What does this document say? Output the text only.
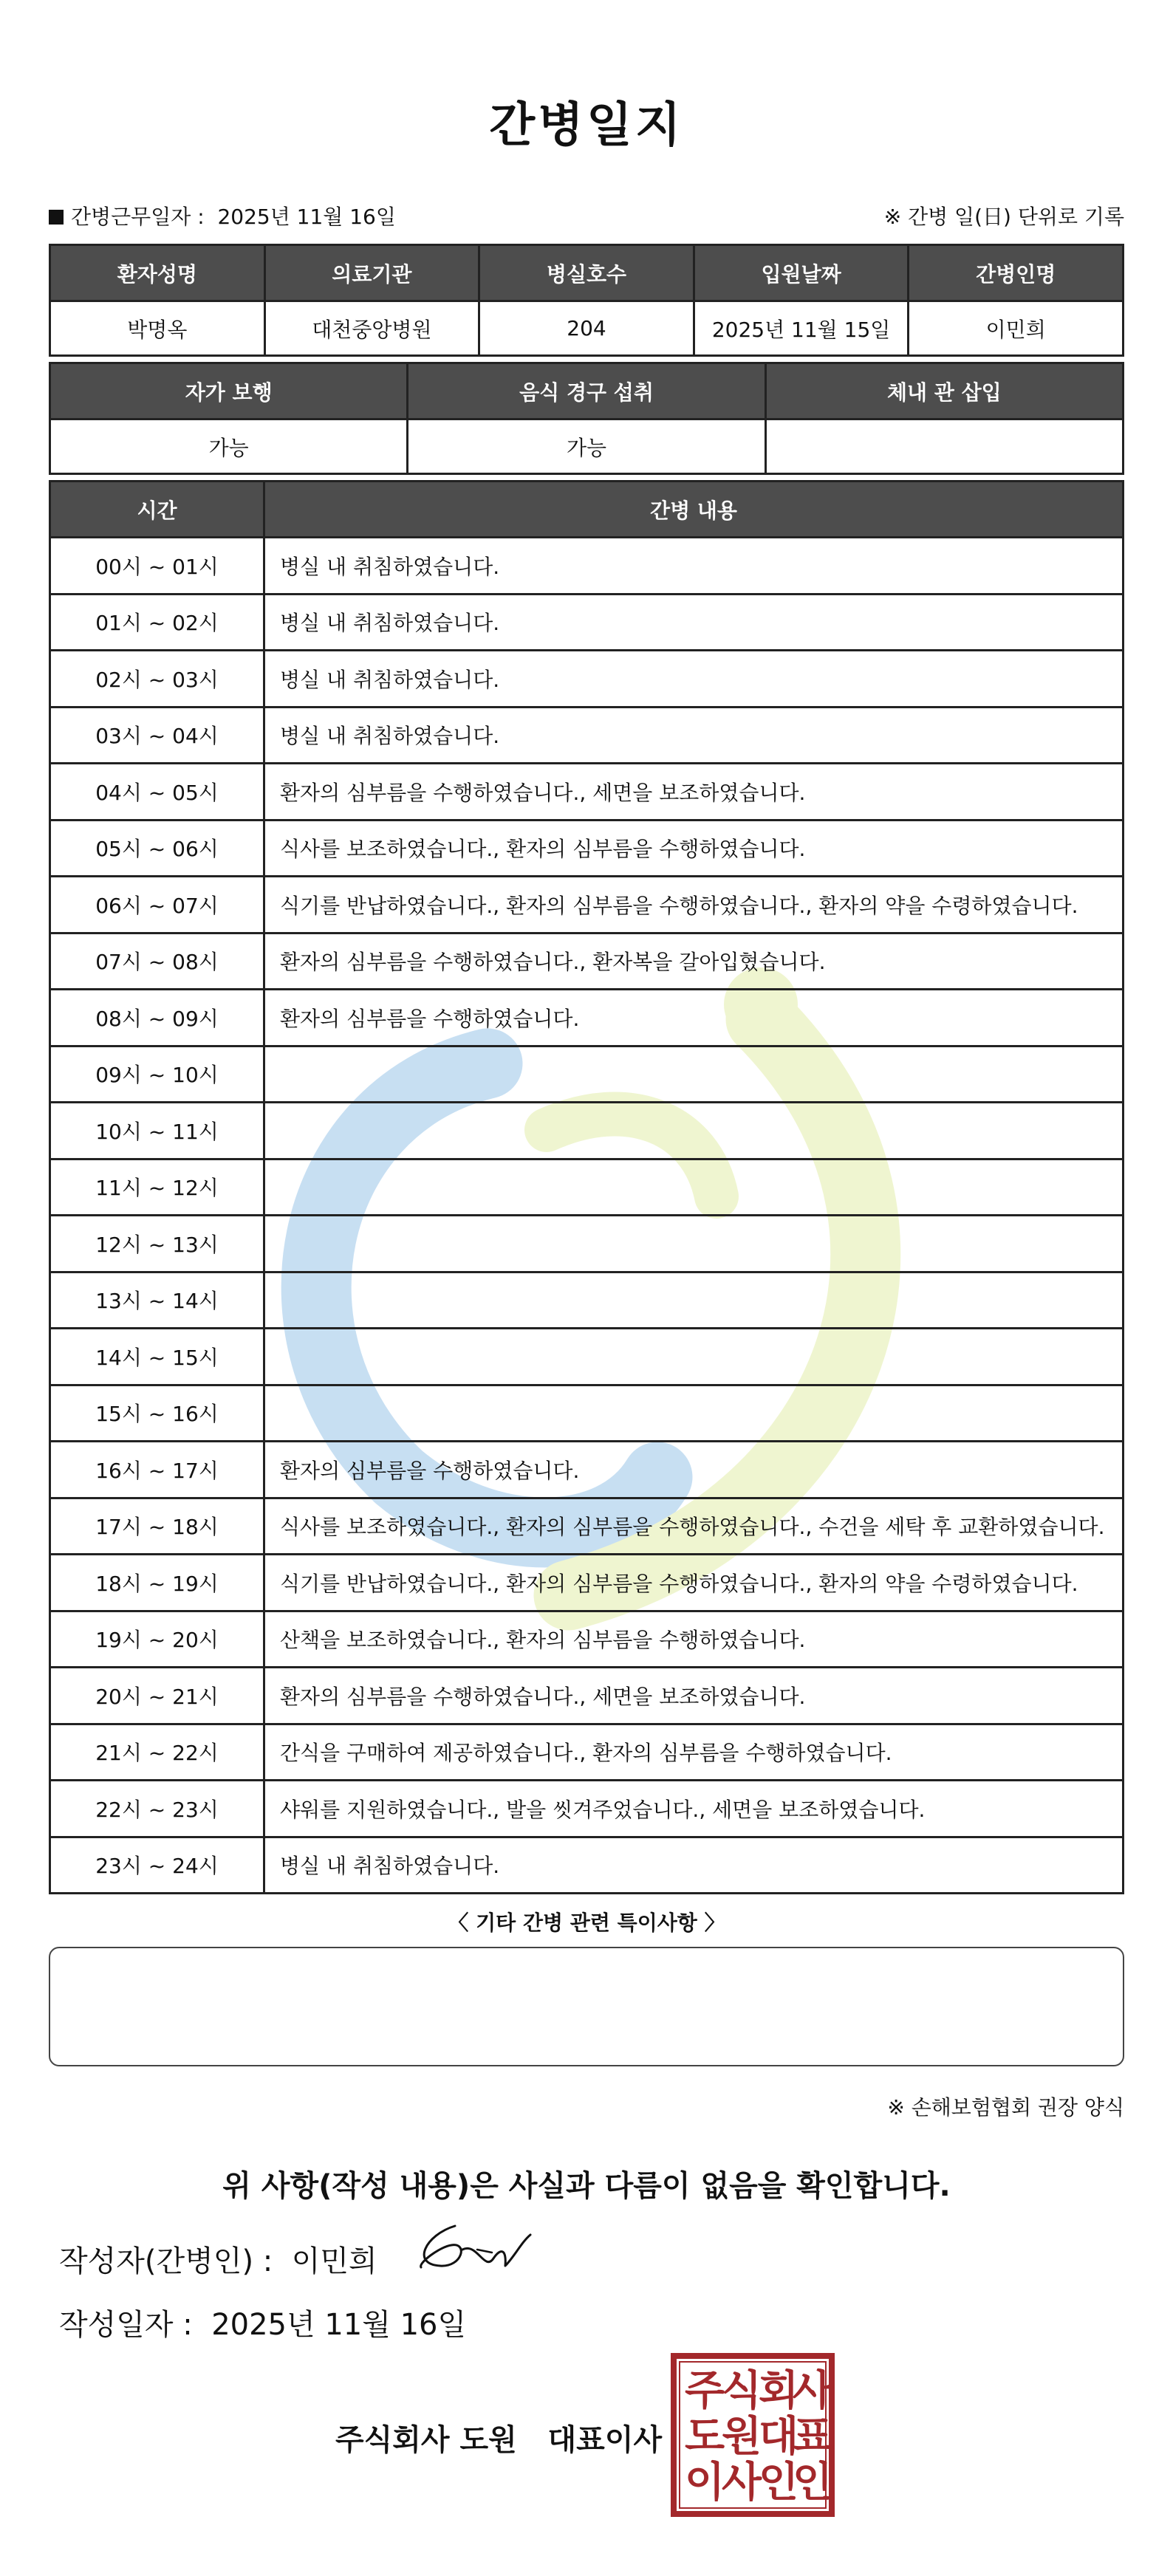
간병일지
간병근무일자 : 2025년 11월 16일	※ 간병 일(日) 단위로 기록
환자성명	의료기관	병실호수	입원날짜	간병인명
박명옥	대천중앙병원	204	2025년 11월 15일	이민희
자가 보행	음식 경구 섭취	체내 관 삽입
가능	가능	
시간	간병 내용
00시 ~ 01시	병실 내 취침하였습니다.
01시 ~ 02시	병실 내 취침하였습니다.
02시 ~ 03시	병실 내 취침하였습니다.
03시 ~ 04시	병실 내 취침하였습니다.
04시 ~ 05시	환자의 심부름을 수행하였습니다., 세면을 보조하였습니다.
05시 ~ 06시	식사를 보조하였습니다., 환자의 심부름을 수행하였습니다.
06시 ~ 07시	식기를 반납하였습니다., 환자의 심부름을 수행하였습니다., 환자의 약을 수령하였습니다.
07시 ~ 08시	환자의 심부름을 수행하였습니다., 환자복을 갈아입혔습니다.
08시 ~ 09시	환자의 심부름을 수행하였습니다.
09시 ~ 10시	
10시 ~ 11시	
11시 ~ 12시	
12시 ~ 13시	
13시 ~ 14시	
14시 ~ 15시	
15시 ~ 16시	
16시 ~ 17시	환자의 심부름을 수행하였습니다.
17시 ~ 18시	식사를 보조하였습니다., 환자의 심부름을 수행하였습니다., 수건을 세탁 후 교환하였습니다.
18시 ~ 19시	식기를 반납하였습니다., 환자의 심부름을 수행하였습니다., 환자의 약을 수령하였습니다.
19시 ~ 20시	산책을 보조하였습니다., 환자의 심부름을 수행하였습니다.
20시 ~ 21시	환자의 심부름을 수행하였습니다., 세면을 보조하였습니다.
21시 ~ 22시	간식을 구매하여 제공하였습니다., 환자의 심부름을 수행하였습니다.
22시 ~ 23시	샤워를 지원하였습니다., 발을 씻겨주었습니다., 세면을 보조하였습니다.
23시 ~ 24시	병실 내 취침하였습니다.
〈 기타 간병 관련 특이사항 〉
※ 손해보험협회 권장 양식
위 사항(작성 내용)은 사실과 다름이 없음을 확인합니다.
작성자(간병인) : 이민희
작성일자 : 2025년 11월 16일
주식회사 도원   대표이사
주
식
회
사
도
원
대
표
이
사
인
인
